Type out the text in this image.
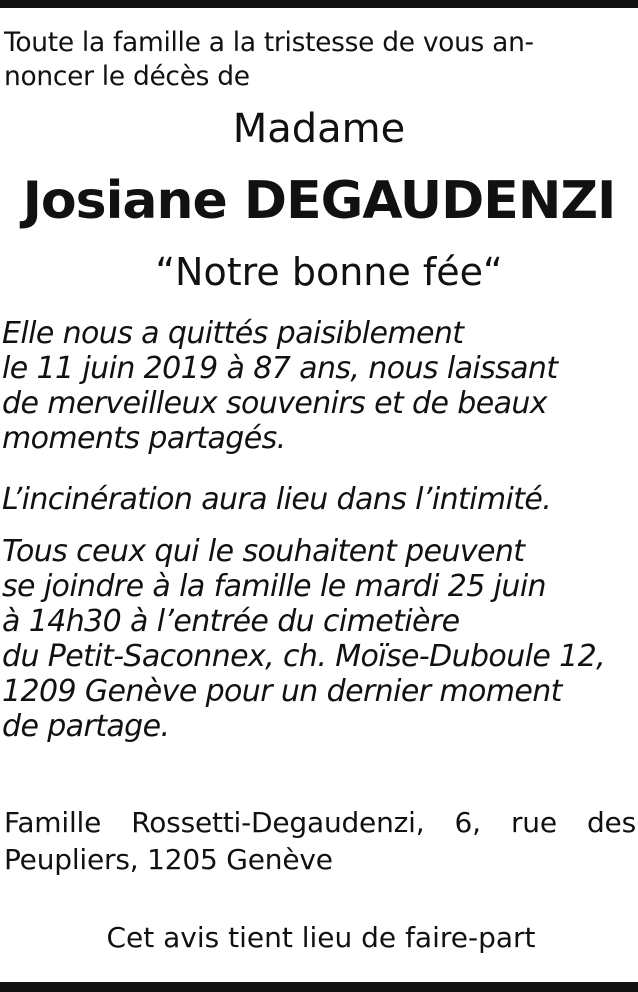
Toute la famille a la tristesse de vous an-
noncer le décès de
Madame
Josiane DEGAUDENZI
“Notre bonne fée“
Elle nous a quittés paisiblement
le 11 juin 2019 à 87 ans, nous laissant
de merveilleux souvenirs et de beaux
moments partagés.
L’incinération aura lieu dans l’intimité.
Tous ceux qui le souhaitent peuvent
se joindre à la famille le mardi 25 juin
à 14h30 à l’entrée du cimetière
du Petit-Saconnex, ch. Moïse-Duboule 12,
1209 Genève pour un dernier moment
de partage.
Famille Rossetti-Degaudenzi, 6, rue des
Peupliers, 1205 Genève
Cet avis tient lieu de faire-part
